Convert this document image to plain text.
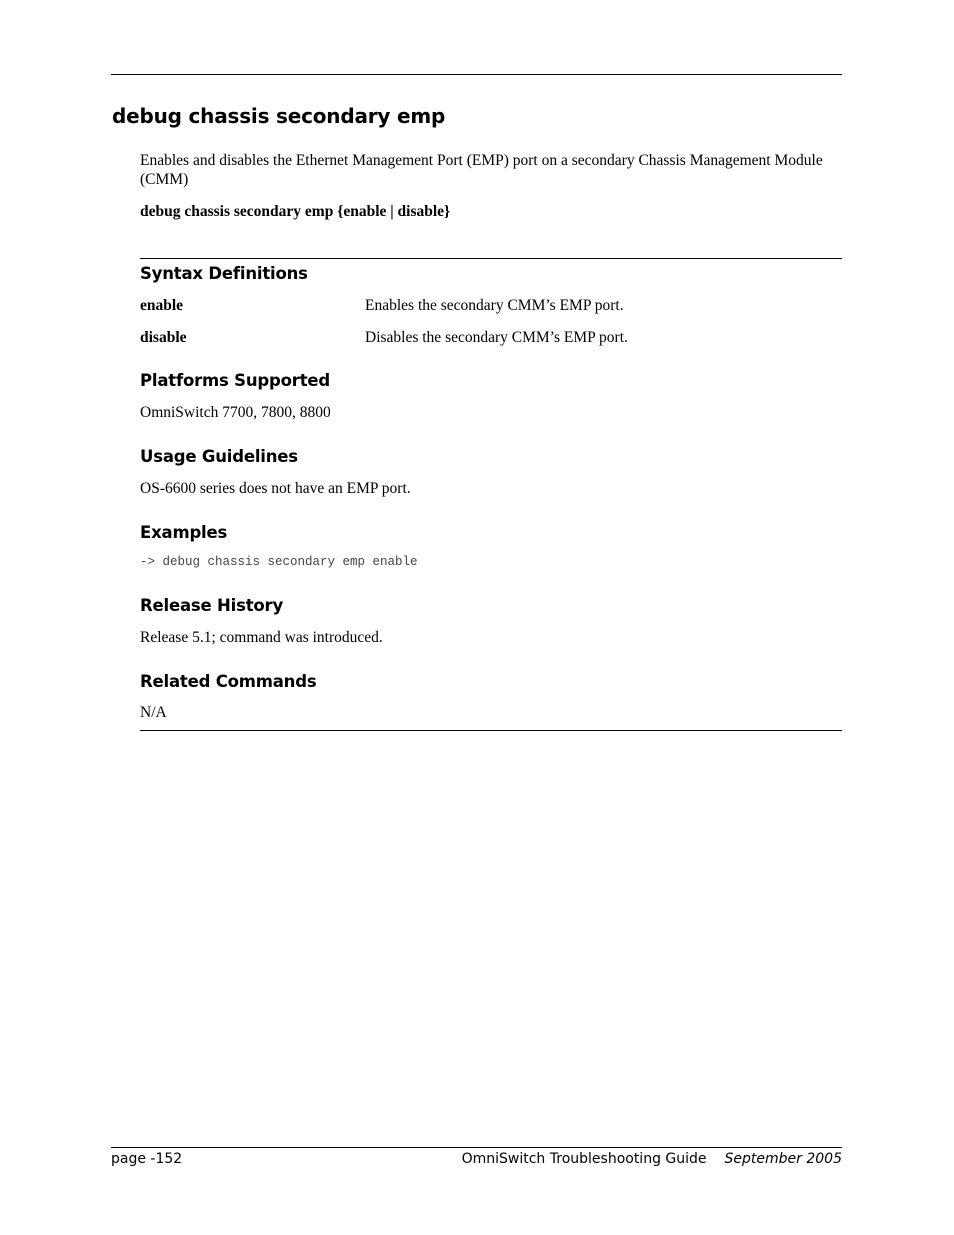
debug chassis secondary emp
Enables and disables the Ethernet Management Port (EMP) port on a secondary Chassis Management Module (CMM)
debug chassis secondary emp {enable | disable}
Syntax Definitions
enable	Enables the secondary CMM’s EMP port.
disable	Disables the secondary CMM’s EMP port.
Platforms Supported
OmniSwitch 7700, 7800, 8800
Usage Guidelines
OS-6600 series does not have an EMP port.
Examples
-> debug chassis secondary emp enable
Release History
Release 5.1; command was introduced.
Related Commands
N/A
page -152	OmniSwitch Troubleshooting Guide September 2005
